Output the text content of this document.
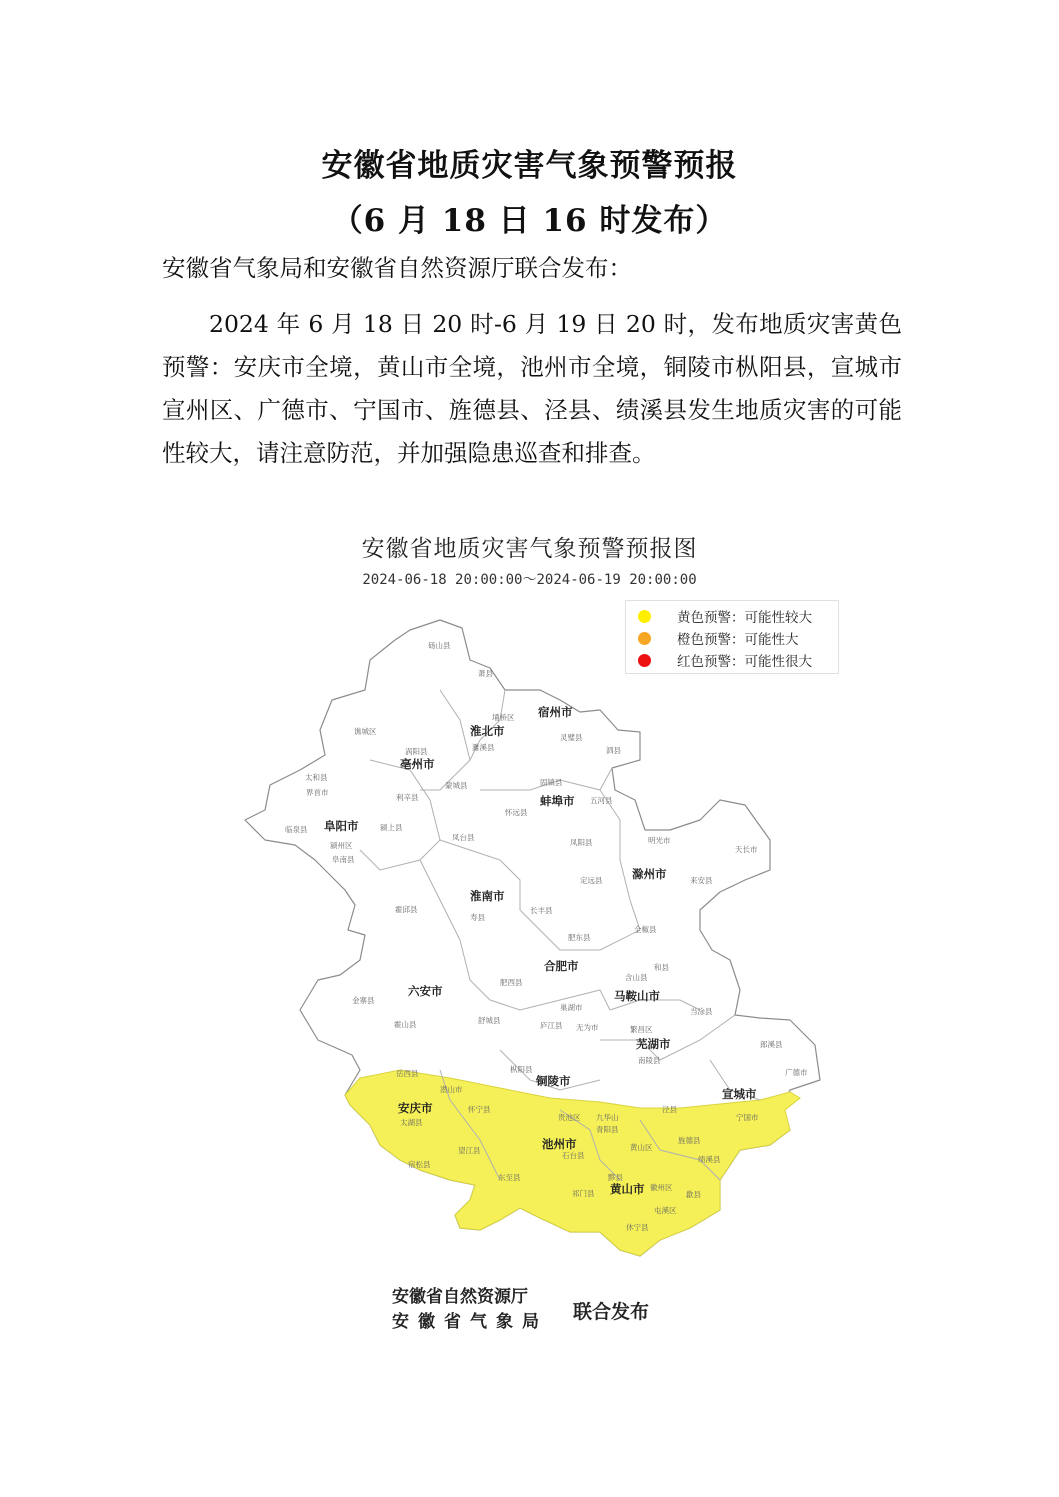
安徽省地质灾害气象预警预报
（6 月 18 日 16 时发布）
安徽省气象局和安徽省自然资源厅联合发布：
2024 年 6 月 18 日 20 时-6 月 19 日 20 时，发布地质灾害黄色预警：安庆市全境，黄山市全境，池州市全境，铜陵市枞阳县，宣城市宣州区、广德市、宁国市、旌德县、泾县、绩溪县发生地质灾害的可能性较大，请注意防范，并加强隐患巡查和排查。
安徽省地质灾害气象预警预报图
2024-06-18 20:00:00～2024-06-19 20:00:00
黄色预警：可能性较大
橙色预警：可能性大
红色预警：可能性很大
宿州市
淮北市
亳州市
阜阳市
蚌埠市
淮南市
滁州市
六安市
合肥市
马鞍山市
芜湖市
铜陵市
宣城市
安庆市
池州市
黄山市
砀山县
萧县
埇桥区
灵璧县
泗县
濉溪县
涡阳县
谯城区
蒙城县
利辛县
太和县
界首市
临泉县
颍州区
阜南县
颍上县
怀远县
五河县
固镇县
凤阳县	明光市
天长市
定远县
全椒县
来安县
凤台县
寿县
长丰县
霍邱县
金寨县
霍山县	舒城县
肥西县
肥东县
庐江县
巢湖市
含山县
和县
当涂县
无为市	繁昌区
南陵县
郎溪县
广德市
宁国市
泾县
旌德县
绩溪县
枞阳县
岳西县
潜山市
太湖县
宿松县
望江县
怀宁县
东至县
石台县
青阳县
祁门县
黟县
休宁县
歙县
屯溪区
徽州区
黄山区
贵池区 九华山
安徽省自然资源厅
安徽省气象局 联合发布
